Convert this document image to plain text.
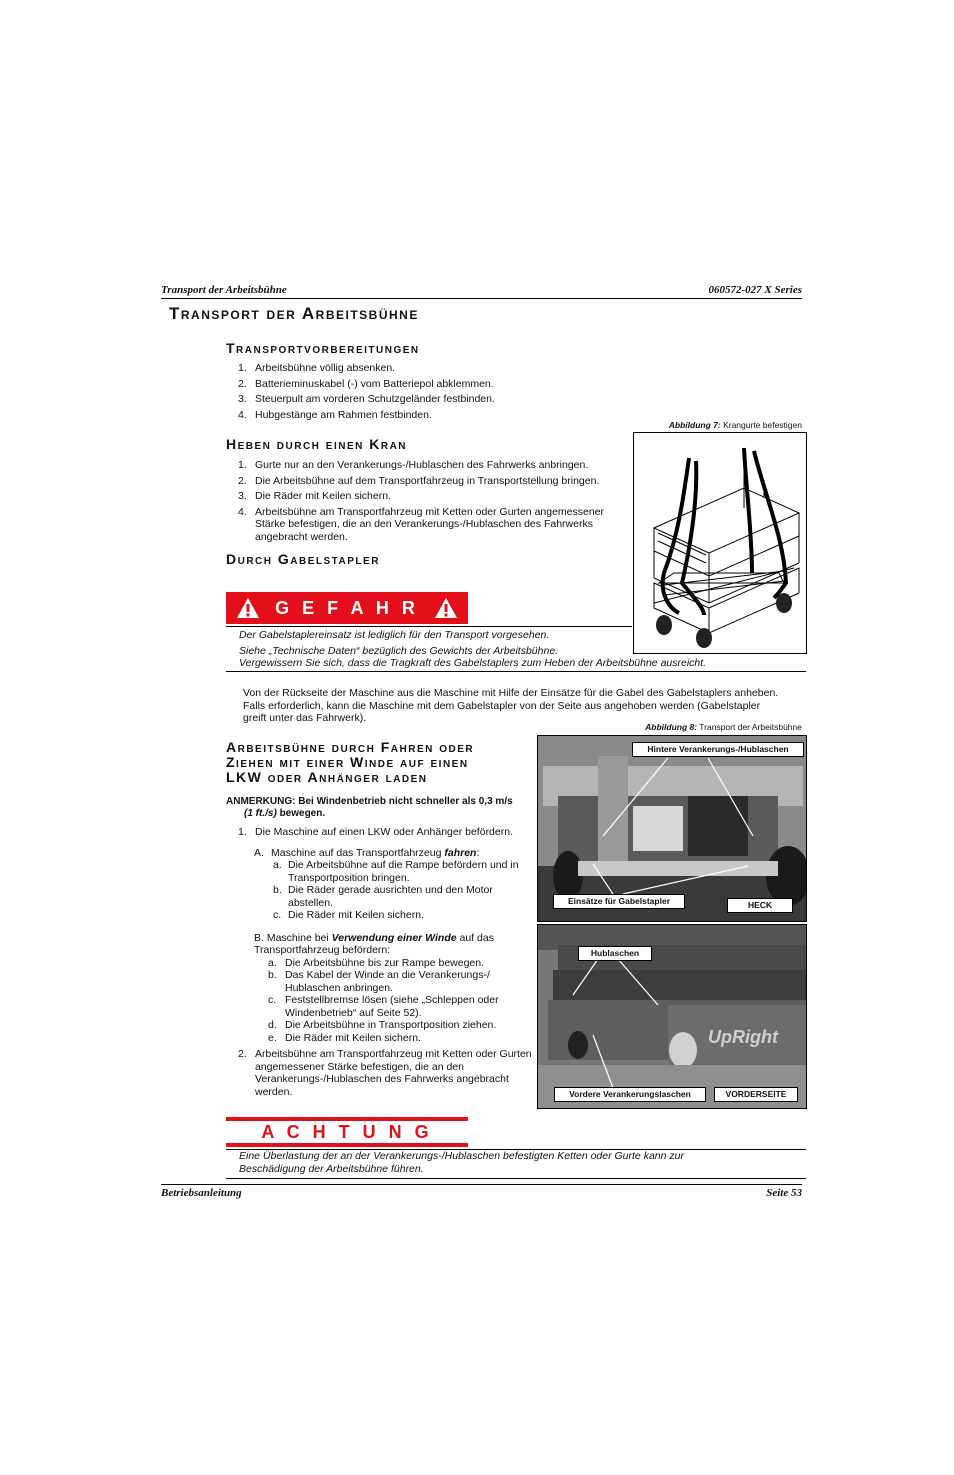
Transport der Arbeitsbühne	060572-027 X Series
Transport der Arbeitsbühne
Transportvorbereitungen
1. Arbeitsbühne völlig absenken.
2. Batterieminuskabel (-) vom Batteriepol abklemmen.
3. Steuerpult am vorderen Schutzgeländer festbinden.
4. Hubgestänge am Rahmen festbinden.
Abbildung 7: Krangurte befestigen
Heben durch einen Kran
1. Gurte nur an den Verankerungs-/Hublaschen des Fahrwerks anbringen.
2. Die Arbeitsbühne auf dem Transportfahrzeug in Transportstellung bringen.
3. Die Räder mit Keilen sichern.
4. Arbeitsbühne am Transportfahrzeug mit Ketten oder Gurten angemessener Stärke befestigen, die an den Verankerungs-/Hublaschen des Fahrwerks angebracht werden.
Durch Gabelstapler
G E F A H R
Der Gabelstaplereinsatz ist lediglich für den Transport vorgesehen.
Siehe „Technische Daten“ bezüglich des Gewichts der Arbeitsbühne.
Vergewissern Sie sich, dass die Tragkraft des Gabelstaplers zum Heben der Arbeitsbühne ausreicht.
Von der Rückseite der Maschine aus die Maschine mit Hilfe der Einsätze für die Gabel des Gabelstaplers anheben. Falls erforderlich, kann die Maschine mit dem Gabelstapler von der Seite aus angehoben werden (Gabelstapler greift unter das Fahrwerk).
Abbildung 8: Transport der Arbeitsbühne
Hintere Verankerungs-/Hublaschen
Einsätze für Gabelstapler	HECK
UpRight
Hublaschen
Vordere Verankerungslaschen	VORDERSEITE
Arbeitsbühne durch Fahren oder
Ziehen mit einer Winde auf einen
LKW oder Anhänger laden
ANMERKUNG: Bei Windenbetrieb nicht schneller als 0,3 m/s
(1 ft./s) bewegen.
1. Die Maschine auf einen LKW oder Anhänger befördern.
A. Maschine auf das Transportfahrzeug fahren:
a. Die Arbeitsbühne auf die Rampe befördern und in Transportposition bringen.
b. Die Räder gerade ausrichten und den Motor abstellen.
c. Die Räder mit Keilen sichern.
B. Maschine bei Verwendung einer Winde auf das Transportfahrzeug befördern:
a. Die Arbeitsbühne bis zur Rampe bewegen.
b. Das Kabel der Winde an die Verankerungs-/ Hublaschen anbringen.
c. Feststellbremse lösen (siehe „Schleppen oder Windenbetrieb“ auf Seite 52).
d. Die Arbeitsbühne in Transportposition ziehen.
e. Die Räder mit Keilen sichern.
2. Arbeitsbühne am Transportfahrzeug mit Ketten oder Gurten angemessener Stärke befestigen, die an den Verankerungs-/Hublaschen des Fahrwerks angebracht werden.
A C H T U N G
Eine Überlastung der an der Verankerungs-/Hublaschen befestigten Ketten oder Gurte kann zur Beschädigung der Arbeitsbühne führen.
Betriebsanleitung	Seite 53
